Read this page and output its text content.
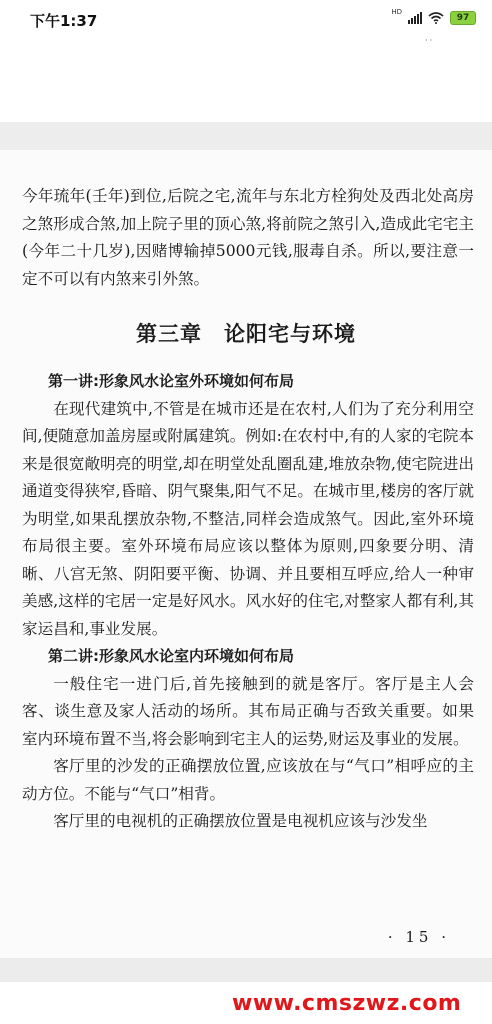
下午1:37	HD
97

今年琉年(壬年)到位,后院之宅,流年与东北方栓狗处及西北处高房之煞形成合煞,加上院子里的顶心煞,将前院之煞引入,造成此宅宅主(今年二十几岁),因赌博输掉5000元钱,服毒自杀。所以,要注意一定不可以有内煞来引外煞。

第三章　论阳宅与环境

第一讲:形象风水论室外环境如何布局

在现代建筑中,不管是在城市还是在农村,人们为了充分利用空间,便随意加盖房屋或附属建筑。例如:在农村中,有的人家的宅院本来是很宽敞明亮的明堂,却在明堂处乱圈乱建,堆放杂物,使宅院进出通道变得狭窄,昏暗、阴气聚集,阳气不足。在城市里,楼房的客厅就为明堂,如果乱摆放杂物,不整洁,同样会造成煞气。因此,室外环境布局很主要。室外环境布局应该以整体为原则,四象要分明、清晰、八宫无煞、阴阳要平衡、协调、并且要相互呼应,给人一种审美感,这样的宅居一定是好风水。风水好的住宅,对整家人都有利,其家运昌和,事业发展。

第二讲:形象风水论室内环境如何布局

一般住宅一进门后,首先接触到的就是客厅。客厅是主人会客、谈生意及家人活动的场所。其布局正确与否致关重要。如果室内环境布置不当,将会影响到宅主人的运势,财运及事业的发展。

客厅里的沙发的正确摆放位置,应该放在与“气口”相呼应的主动方位。不能与“气口”相背。

客厅里的电视机的正确摆放位置是电视机应该与沙发坐

· 15 ·
www.cmszwz.com
